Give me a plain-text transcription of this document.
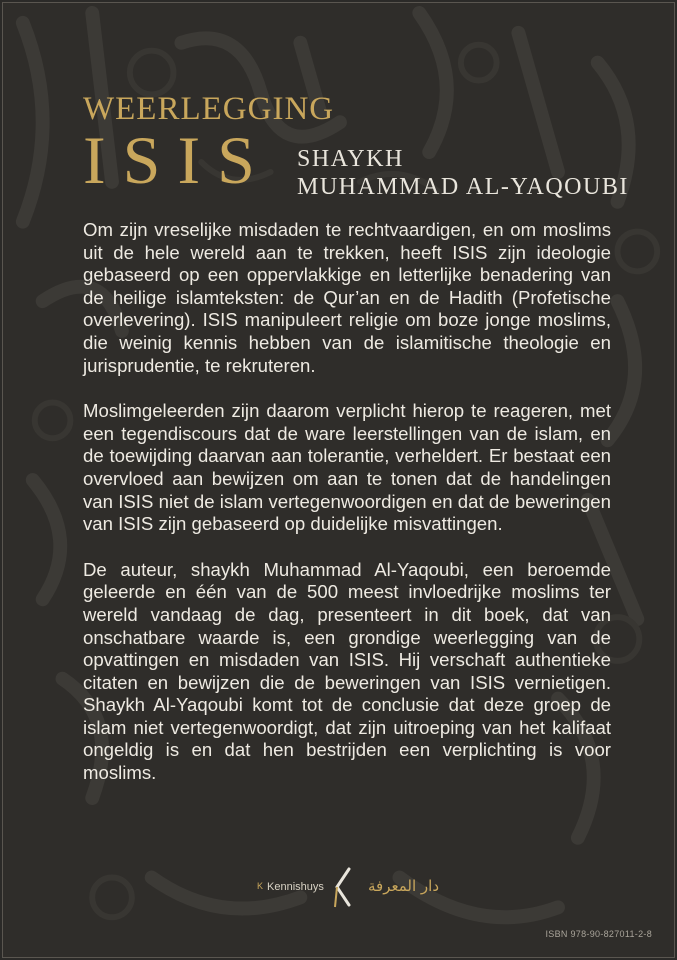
WEERLEGGING
ISIS	SHAYKH
MUHAMMAD AL-YAQOUBI

Om zijn vreselijke misdaden te rechtvaardigen, en om moslims uit de hele wereld aan te trekken, heeft ISIS zijn ideologie gebaseerd op een oppervlakkige en letterlijke benadering van de heilige islamteksten: de Qur’an en de Hadith (Profetische overlevering). ISIS manipuleert religie om boze jonge moslims, die weinig kennis hebben van de islamitische theologie en jurisprudentie, te rekruteren.

Moslimgeleerden zijn daarom verplicht hierop te reageren, met een tegendiscours dat de ware leerstellingen van de islam, en de toewijding daarvan aan tolerantie, verheldert. Er bestaat een overvloed aan bewijzen om aan te tonen dat de handelingen van ISIS niet de islam vertegenwoordigen en dat de beweringen van ISIS zijn gebaseerd op duidelijke misvattingen.

De auteur, shaykh Muhammad Al-Yaqoubi, een beroemde geleerde en één van de 500 meest invloedrijke moslims ter wereld vandaag de dag, presenteert in dit boek, dat van onschatbare waarde is, een grondige weerlegging van de opvattingen en misdaden van ISIS. Hij verschaft authentieke citaten en bewijzen die de beweringen van ISIS vernietigen. Shaykh Al-Yaqoubi komt tot de conclusie dat deze groep de islam niet vertegenwoordigt, dat zijn uitroeping van het kalifaat ongeldig is en dat hen bestrijden een verplichting is voor moslims.

$^K$ Kennishuys	دار المعرفة
ISBN 978-90-827011-2-8
